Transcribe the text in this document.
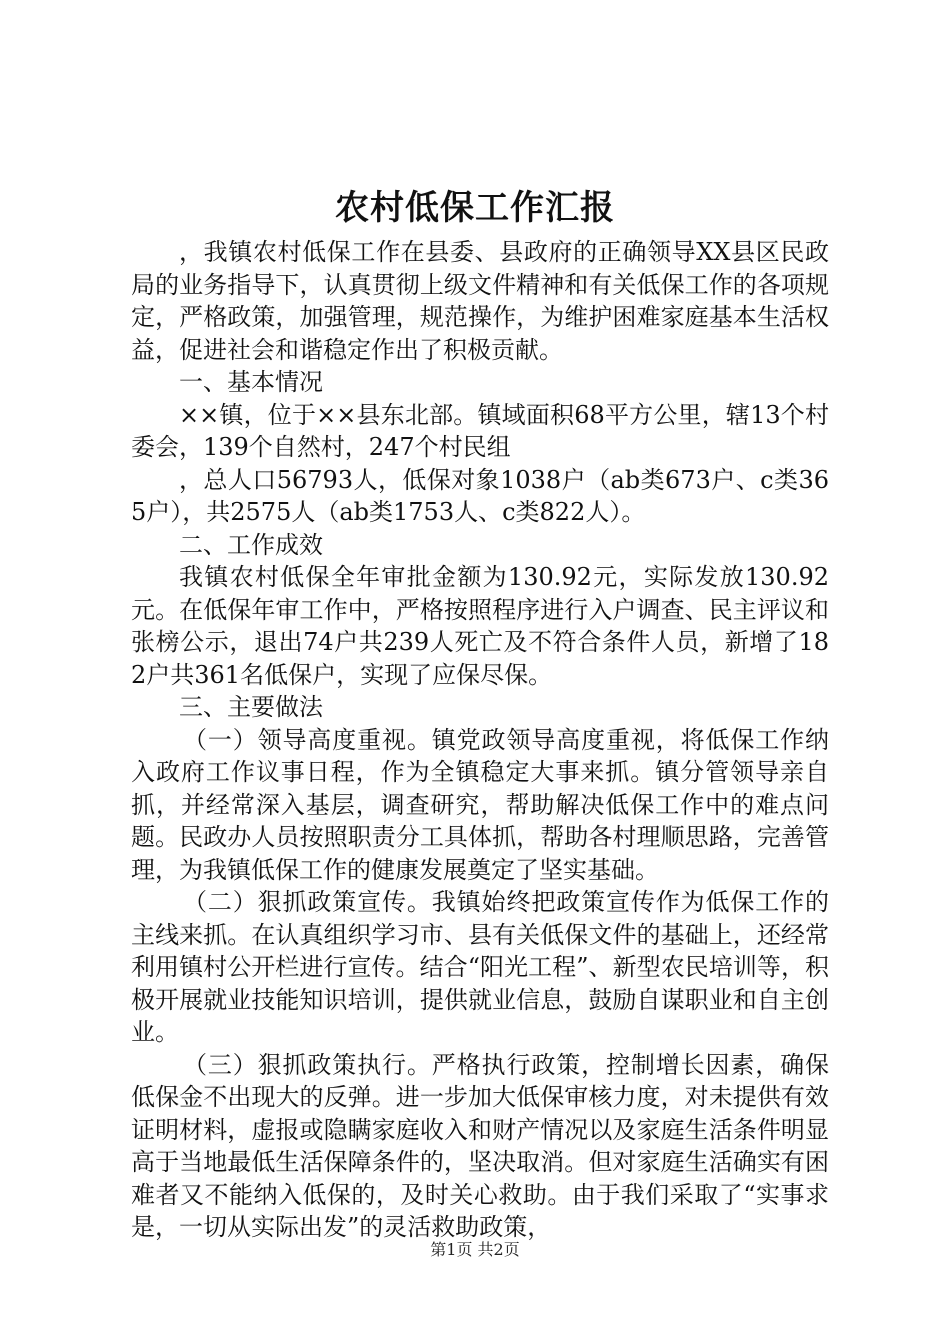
农村低保工作汇报

，我镇农村低保工作在县委、县政府的正确领导XX县区民政局的业务指导下，认真贯彻上级文件精神和有关低保工作的各项规定，严格政策，加强管理，规范操作，为维护困难家庭基本生活权益，促进社会和谐稳定作出了积极贡献。

一、基本情况

××镇，位于××县东北部。镇域面积68平方公里，辖13个村委会，139个自然村，247个村民组

，总人口56793人，低保对象1038户（ab类673户、c类365户），共2575人（ab类1753人、c类822人）。

二、工作成效

我镇农村低保全年审批金额为130.92元，实际发放130.92元。在低保年审工作中，严格按照程序进行入户调查、民主评议和张榜公示，退出74户共239人死亡及不符合条件人员，新增了182户共361名低保户，实现了应保尽保。

三、主要做法

（一）领导高度重视。镇党政领导高度重视，将低保工作纳入政府工作议事日程，作为全镇稳定大事来抓。镇分管领导亲自抓，并经常深入基层，调查研究，帮助解决低保工作中的难点问题。民政办人员按照职责分工具体抓，帮助各村理顺思路，完善管理，为我镇低保工作的健康发展奠定了坚实基础。

（二）狠抓政策宣传。我镇始终把政策宣传作为低保工作的主线来抓。在认真组织学习市、县有关低保文件的基础上，还经常利用镇村公开栏进行宣传。结合“阳光工程”、新型农民培训等，积极开展就业技能知识培训，提供就业信息，鼓励自谋职业和自主创业。

（三）狠抓政策执行。严格执行政策，控制增长因素，确保低保金不出现大的反弹。进一步加大低保审核力度，对未提供有效证明材料，虚报或隐瞒家庭收入和财产情况以及家庭生活条件明显高于当地最低生活保障条件的，坚决取消。但对家庭生活确实有困难者又不能纳入低保的，及时关心救助。由于我们采取了“实事求是，一切从实际出发”的灵活救助政策，

第1页 共2页
